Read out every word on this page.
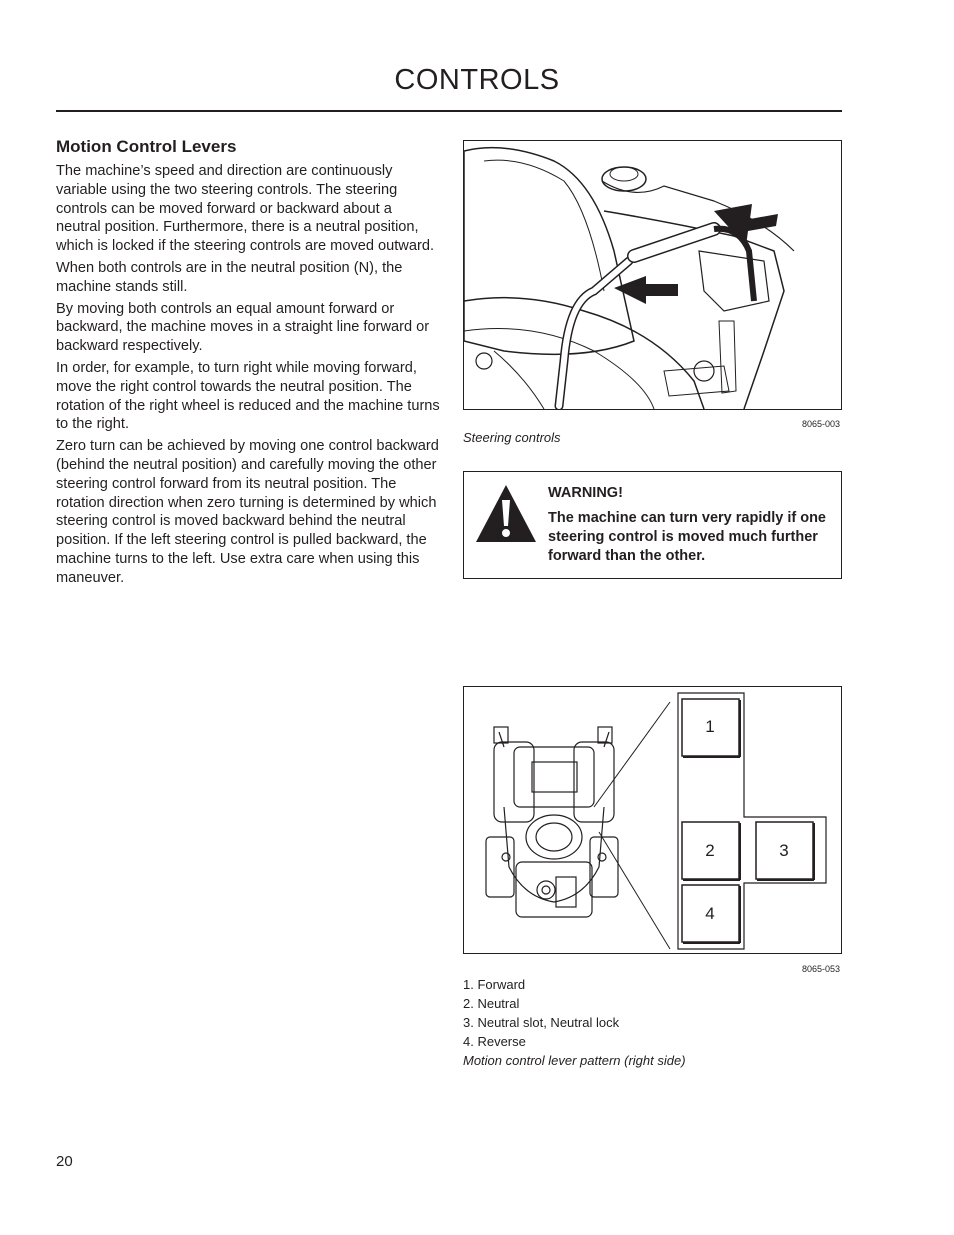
CONTROLS
Motion Control Levers

The machine’s speed and direction are continuously variable using the two steering controls. The steering controls can be moved forward or backward about a neutral position. Furthermore, there is a neutral position, which is locked if the steering controls are moved outward.

When both controls are in the neutral position (N), the machine stands still.

By moving both controls an equal amount forward or backward, the machine moves in a straight line forward or backward respectively.

In order, for example, to turn right while moving forward, move the right control towards the neutral position. The rotation of the right wheel is reduced and the machine turns to the right.

Zero turn can be achieved by moving one control backward (behind the neutral position) and carefully moving the other steering control forward from its neutral position. The rotation direction when zero turning is determined by which steering control is moved backward behind the neutral position. If the left steering control is pulled backward, the machine turns to the left. Use extra care when using this maneuver.

8065-003
Steering controls
WARNING!
The machine can turn very rapidly if one steering control is moved much further forward than the other.
1
2	3
4
8065-053
1. Forward
2. Neutral
3. Neutral slot, Neutral lock
4. Reverse
Motion control lever pattern (right side)
20
